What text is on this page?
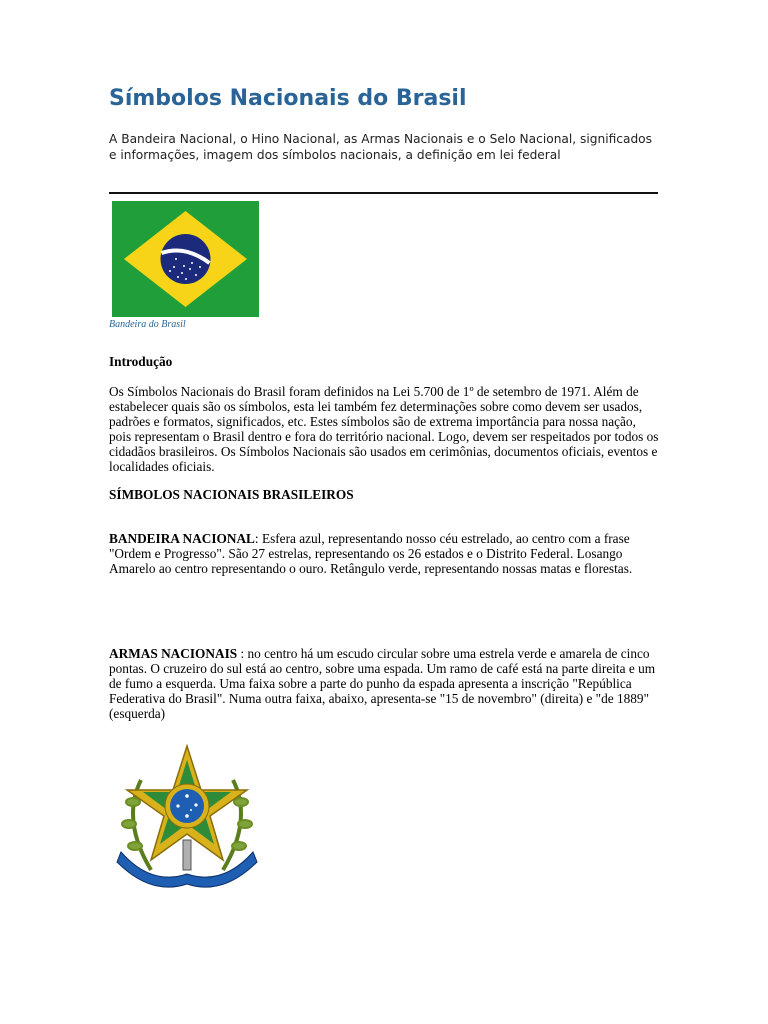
Símbolos Nacionais do Brasil

A Bandeira Nacional, o Hino Nacional, as Armas Nacionais e o Selo Nacional, significados e informações, imagem dos símbolos nacionais, a definição em lei federal

Bandeira do Brasil

Introdução

Os Símbolos Nacionais do Brasil foram definidos na Lei 5.700 de 1º de setembro de 1971. Além de estabelecer quais são os símbolos, esta lei também fez determinações sobre como devem ser usados, padrões e formatos, significados, etc. Estes símbolos são de extrema importância para nossa nação, pois representam o Brasil dentro e fora do território nacional. Logo, devem ser respeitados por todos os cidadãos brasileiros. Os Símbolos Nacionais são usados em cerimônias, documentos oficiais, eventos e localidades oficiais.

SÍMBOLOS NACIONAIS BRASILEIROS

BANDEIRA NACIONAL: Esfera azul, representando nosso céu estrelado, ao centro com a frase "Ordem e Progresso". São 27 estrelas, representando os 26 estados e o Distrito Federal. Losango Amarelo ao centro representando o ouro. Retângulo verde, representando nossas matas e florestas.

ARMAS NACIONAIS : no centro há um escudo circular sobre uma estrela verde e amarela de cinco pontas. O cruzeiro do sul está ao centro, sobre uma espada. Um ramo de café está na parte direita e um de fumo a esquerda. Uma faixa sobre a parte do punho da espada apresenta a inscrição "República Federativa do Brasil". Numa outra faixa, abaixo, apresenta-se "15 de novembro" (direita) e "de 1889" (esquerda)
